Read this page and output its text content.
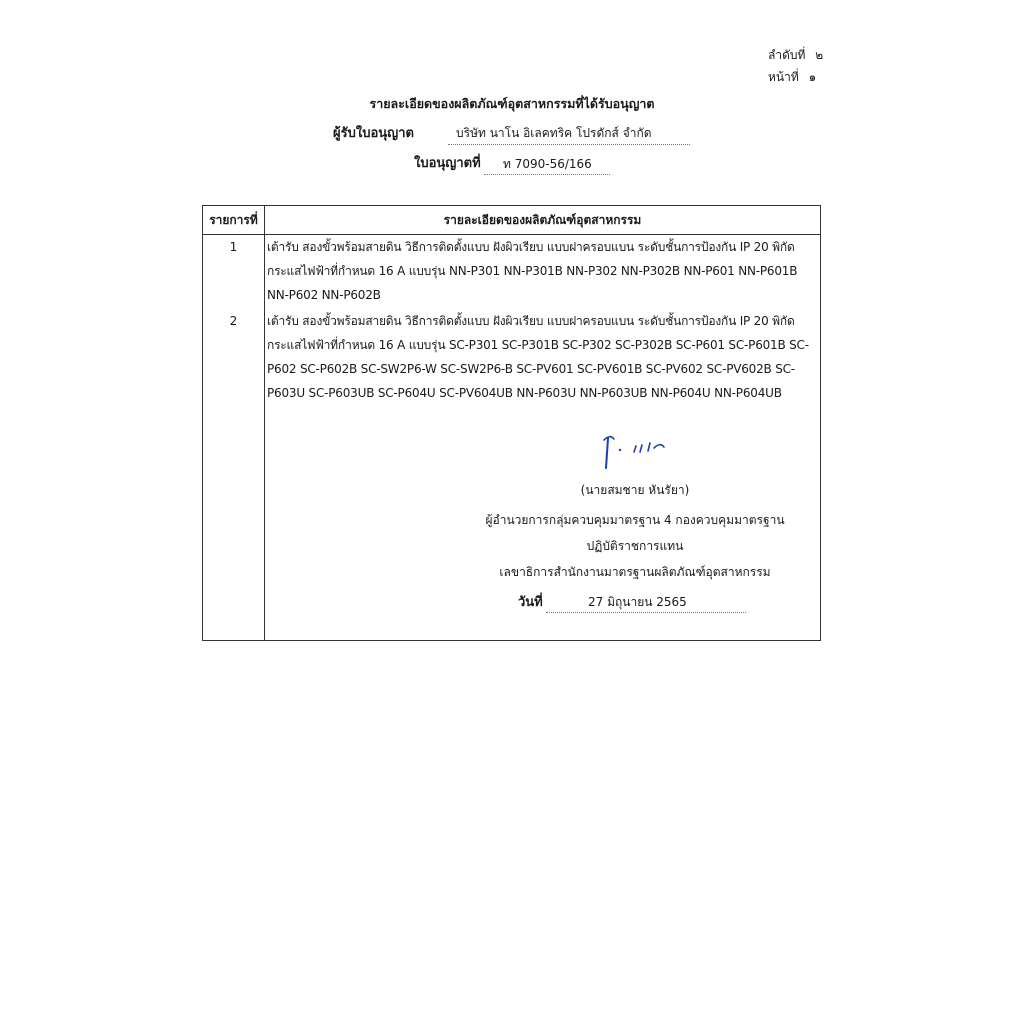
ลำดับที่ ๒
หน้าที่ ๑
รายละเอียดของผลิตภัณฑ์อุตสาหกรรมที่ได้รับอนุญาต
ผู้รับใบอนุญาต	บริษัท นาโน อิเลคทริค โปรดักส์ จำกัด
ใบอนุญาตที่ ท 7090-56/166
รายการที่	รายละเอียดของผลิตภัณฑ์อุตสาหกรรม
1	เต้ารับ สองขั้วพร้อมสายดิน วิธีการติดตั้งแบบ ฝังผิวเรียบ แบบฝาครอบแบน ระดับชั้นการป้องกัน IP 20 พิกัดกระแสไฟฟ้าที่กำหนด 16 A แบบรุ่น NN-P301 NN-P301B NN-P302 NN-P302B NN-P601 NN-P601B NN-P602 NN-P602B
2	เต้ารับ สองขั้วพร้อมสายดิน วิธีการติดตั้งแบบ ฝังผิวเรียบ แบบฝาครอบแบน ระดับชั้นการป้องกัน IP 20 พิกัดกระแสไฟฟ้าที่กำหนด 16 A แบบรุ่น SC-P301 SC-P301B SC-P302 SC-P302B SC-P601 SC-P601B SC-P602 SC-P602B SC-SW2P6-W SC-SW2P6-B SC-PV601 SC-PV601B SC-PV602 SC-PV602B SC-P603U SC-P603UB SC-P604U SC-PV604UB NN-P603U NN-P603UB NN-P604U NN-P604UB
(นายสมชาย หันรัยา)
ผู้อำนวยการกลุ่มควบคุมมาตรฐาน 4 กองควบคุมมาตรฐาน
ปฏิบัติราชการแทน
เลขาธิการสำนักงานมาตรฐานผลิตภัณฑ์อุตสาหกรรม
วันที่	27 มิถุนายน 2565
